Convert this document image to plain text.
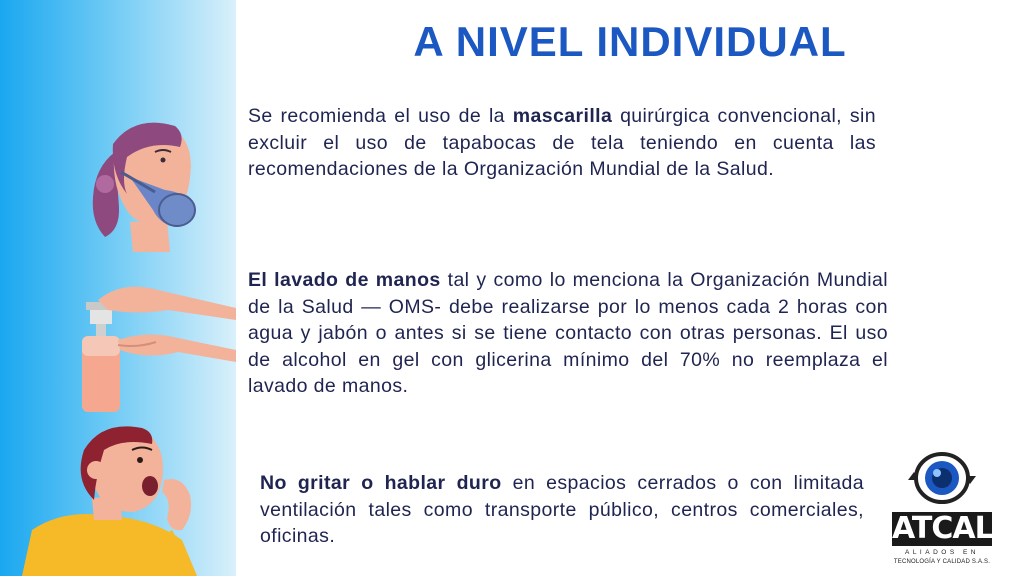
A NIVEL INDIVIDUAL

Se recomienda el uso de la mascarilla quirúrgica convencional, sin excluir el uso de tapabocas de tela teniendo en cuenta las recomendaciones de la Organización Mundial de la Salud.

El lavado de manos tal y como lo menciona la Organización Mundial de la Salud — OMS- debe realizarse por lo menos cada 2 horas con agua y jabón o antes si se tiene contacto con otras personas. El uso de alcohol en gel con glicerina mínimo del 70% no reemplaza el lavado de manos.

No gritar o hablar duro en espacios cerrados o con limitada ventilación tales como transporte público, centros comerciales, oficinas.	ATCAL

ALIADOS EN

TECNOLOGÍA Y CALIDAD S.A.S.
